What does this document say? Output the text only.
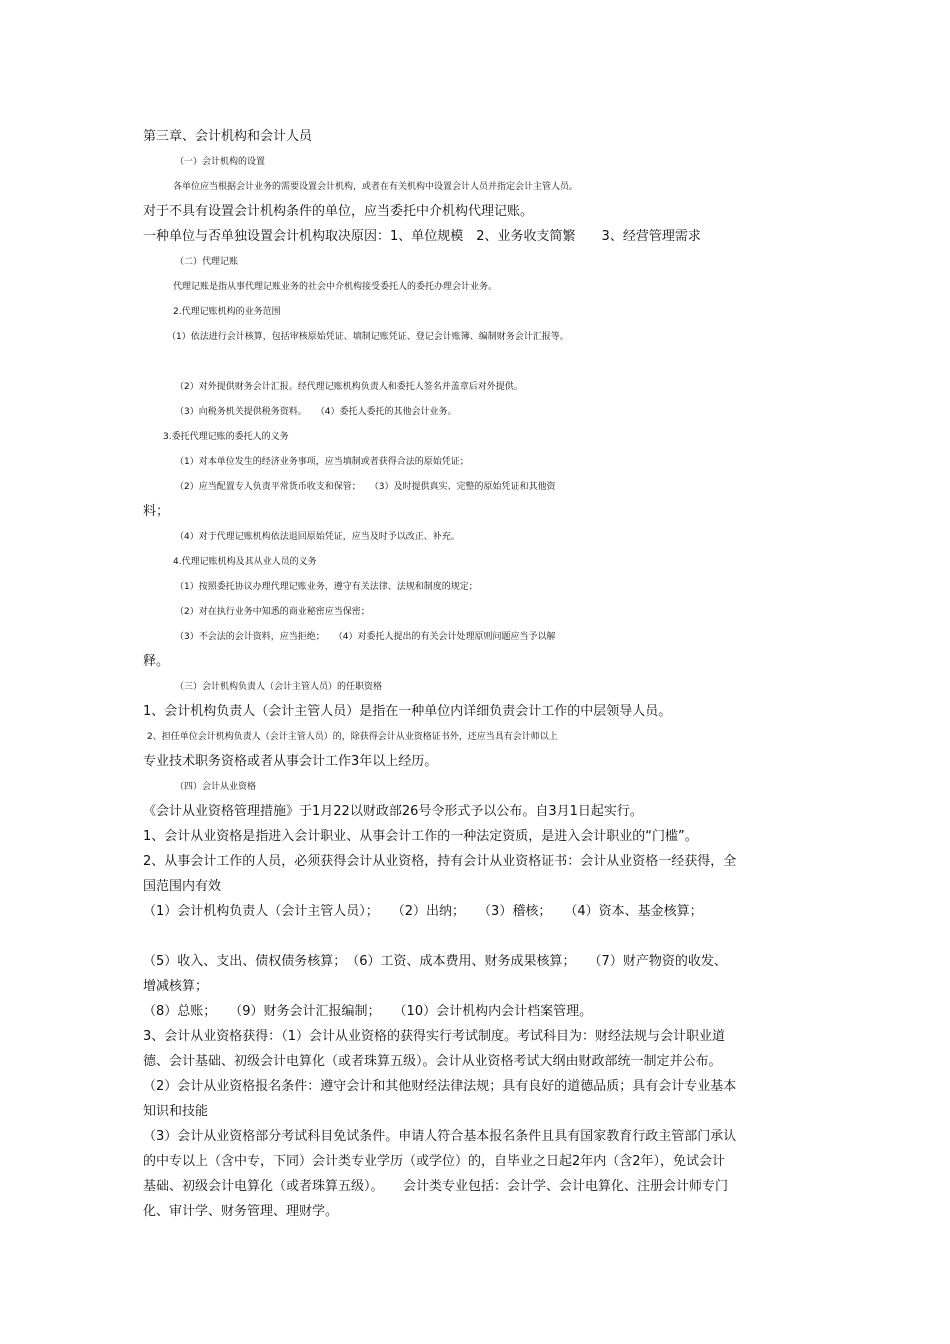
第三章、会计机构和会计人员
（一）会计机构的设置
各单位应当根据会计业务的需要设置会计机构，或者在有关机构中设置会计人员并指定会计主管人员。
对于不具有设置会计机构条件的单位，应当委托中介机构代理记账。
一种单位与否单独设置会计机构取决原因：1、单位规模　2、业务收支简繁　　3、经营管理需求
（二）代理记账
代理记账是指从事代理记账业务的社会中介机构接受委托人的委托办理会计业务。
2.代理记账机构的业务范围
（1）依法进行会计核算，包括审核原始凭证、填制记账凭证、登记会计账簿、编制财务会计汇报等。
（2）对外提供财务会计汇报。经代理记账机构负责人和委托人签名并盖章后对外提供。
（3）向税务机关提供税务资料。　　（4）委托人委托的其他会计业务。
3.委托代理记账的委托人的义务
（1）对本单位发生的经济业务事项，应当填制或者获得合法的原始凭证；
（2）应当配置专人负责平常货币收支和保管；　　（3）及时提供真实、完整的原始凭证和其他资
料；
（4）对于代理记账机构依法退回原始凭证，应当及时予以改正、补充。
4.代理记账机构及其从业人员的义务
（1）按照委托协议办理代理记账业务，遵守有关法律、法规和制度的规定；
（2）对在执行业务中知悉的商业秘密应当保密；
（3）不会法的会计资料，应当拒绝；　　（4）对委托人提出的有关会计处理原则问题应当予以解
释。
（三）会计机构负责人（会计主管人员）的任职资格
1、会计机构负责人（会计主管人员）是指在一种单位内详细负责会计工作的中层领导人员。
2、担任单位会计机构负责人（会计主管人员）的，除获得会计从业资格证书外，还应当具有会计师以上
专业技术职务资格或者从事会计工作3年以上经历。
（四）会计从业资格
《会计从业资格管理措施》于1月22以财政部26号令形式予以公布。自3月1日起实行。
1、会计从业资格是指进入会计职业、从事会计工作的一种法定资质，是进入会计职业的“门槛”。
2、从事会计工作的人员，必须获得会计从业资格，持有会计从业资格证书：会计从业资格一经获得，全
国范围内有效
（1）会计机构负责人（会计主管人员）；　　（2）出纳；　　（3）稽核；　　（4）资本、基金核算；
（5）收入、支出、债权债务核算；　（6）工资、成本费用、财务成果核算；　　（7）财产物资的收发、
增减核算；
（8）总账；　　（9）财务会计汇报编制；　　（10）会计机构内会计档案管理。
3、会计从业资格获得：（1）会计从业资格的获得实行考试制度。考试科目为：财经法规与会计职业道
德、会计基础、初级会计电算化（或者珠算五级）。会计从业资格考试大纲由财政部统一制定并公布。
（2）会计从业资格报名条件：遵守会计和其他财经法律法规；具有良好的道德品质；具有会计专业基本
知识和技能
（3）会计从业资格部分考试科目免试条件。申请人符合基本报名条件且具有国家教育行政主管部门承认
的中专以上（含中专，下同）会计类专业学历（或学位）的，自毕业之日起2年内（含2年），免试会计
基础、初级会计电算化（或者珠算五级）。　　会计类专业包括：会计学、会计电算化、注册会计师专门
化、审计学、财务管理、理财学。
